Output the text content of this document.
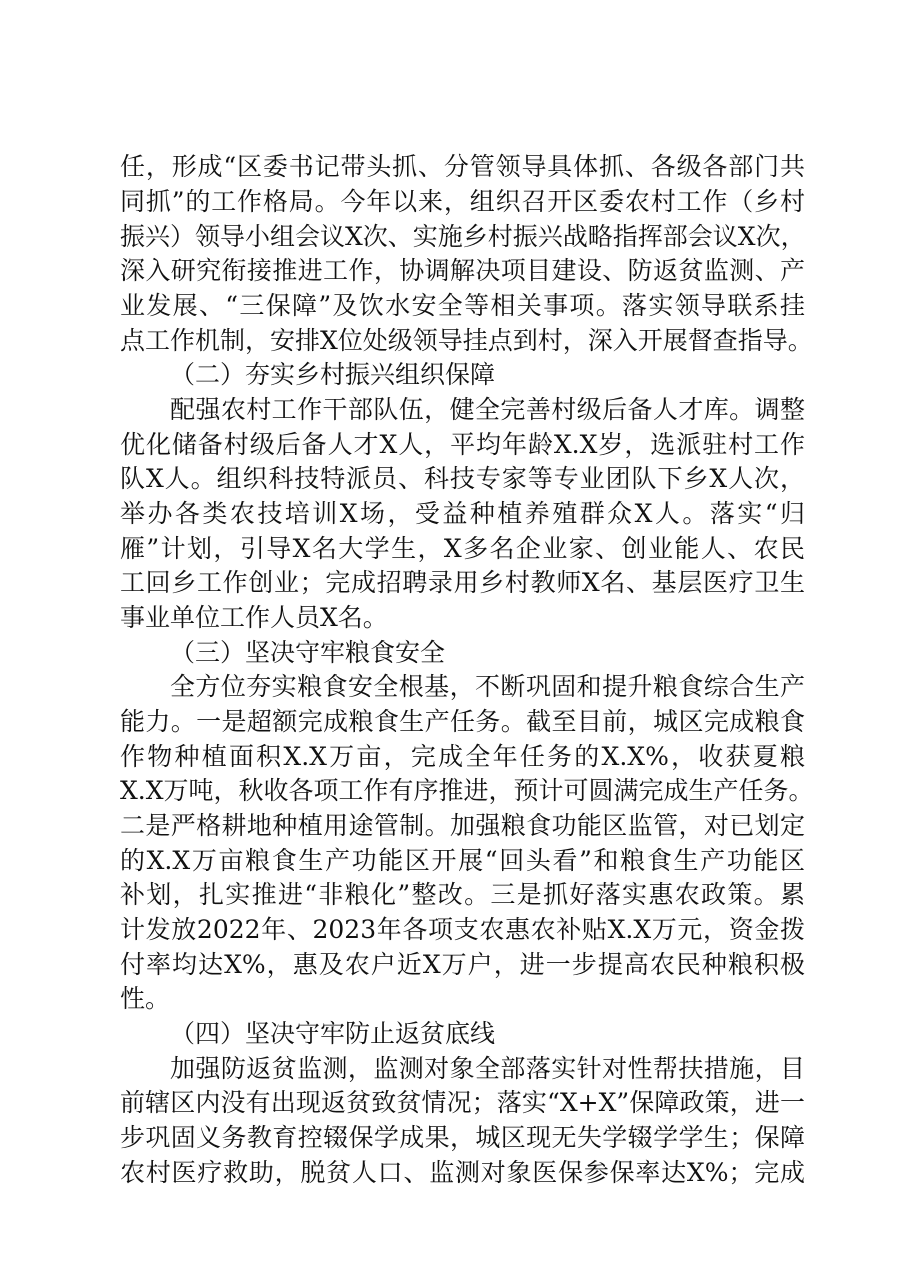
任，形成“区委书记带头抓、分管领导具体抓、各级各部门共
同抓”的工作格局。今年以来，组织召开区委农村工作（乡村
振兴）领导小组会议X次、实施乡村振兴战略指挥部会议X次，
深入研究衔接推进工作，协调解决项目建设、防返贫监测、产
业发展、“三保障”及饮水安全等相关事项。落实领导联系挂
点工作机制，安排X位处级领导挂点到村，深入开展督查指导。
（二）夯实乡村振兴组织保障
配强农村工作干部队伍，健全完善村级后备人才库。调整
优化储备村级后备人才X人，平均年龄X.X岁，选派驻村工作
队X人。组织科技特派员、科技专家等专业团队下乡X人次，
举办各类农技培训X场，受益种植养殖群众X人。落实“归
雁”计划，引导X名大学生，X多名企业家、创业能人、农民
工回乡工作创业；完成招聘录用乡村教师X名、基层医疗卫生
事业单位工作人员X名。
（三）坚决守牢粮食安全
全方位夯实粮食安全根基，不断巩固和提升粮食综合生产
能力。一是超额完成粮食生产任务。截至目前，城区完成粮食
作物种植面积X.X万亩，完成全年任务的X.X%，收获夏粮
X.X万吨，秋收各项工作有序推进，预计可圆满完成生产任务。
二是严格耕地种植用途管制。加强粮食功能区监管，对已划定
的X.X万亩粮食生产功能区开展“回头看”和粮食生产功能区
补划，扎实推进“非粮化”整改。三是抓好落实惠农政策。累
计发放2022年、2023年各项支农惠农补贴X.X万元，资金拨
付率均达X%，惠及农户近X万户，进一步提高农民种粮积极
性。
（四）坚决守牢防止返贫底线
加强防返贫监测，监测对象全部落实针对性帮扶措施，目
前辖区内没有出现返贫致贫情况；落实“X+X”保障政策，进一
步巩固义务教育控辍保学成果，城区现无失学辍学学生；保障
农村医疗救助，脱贫人口、监测对象医保参保率达X%；完成
